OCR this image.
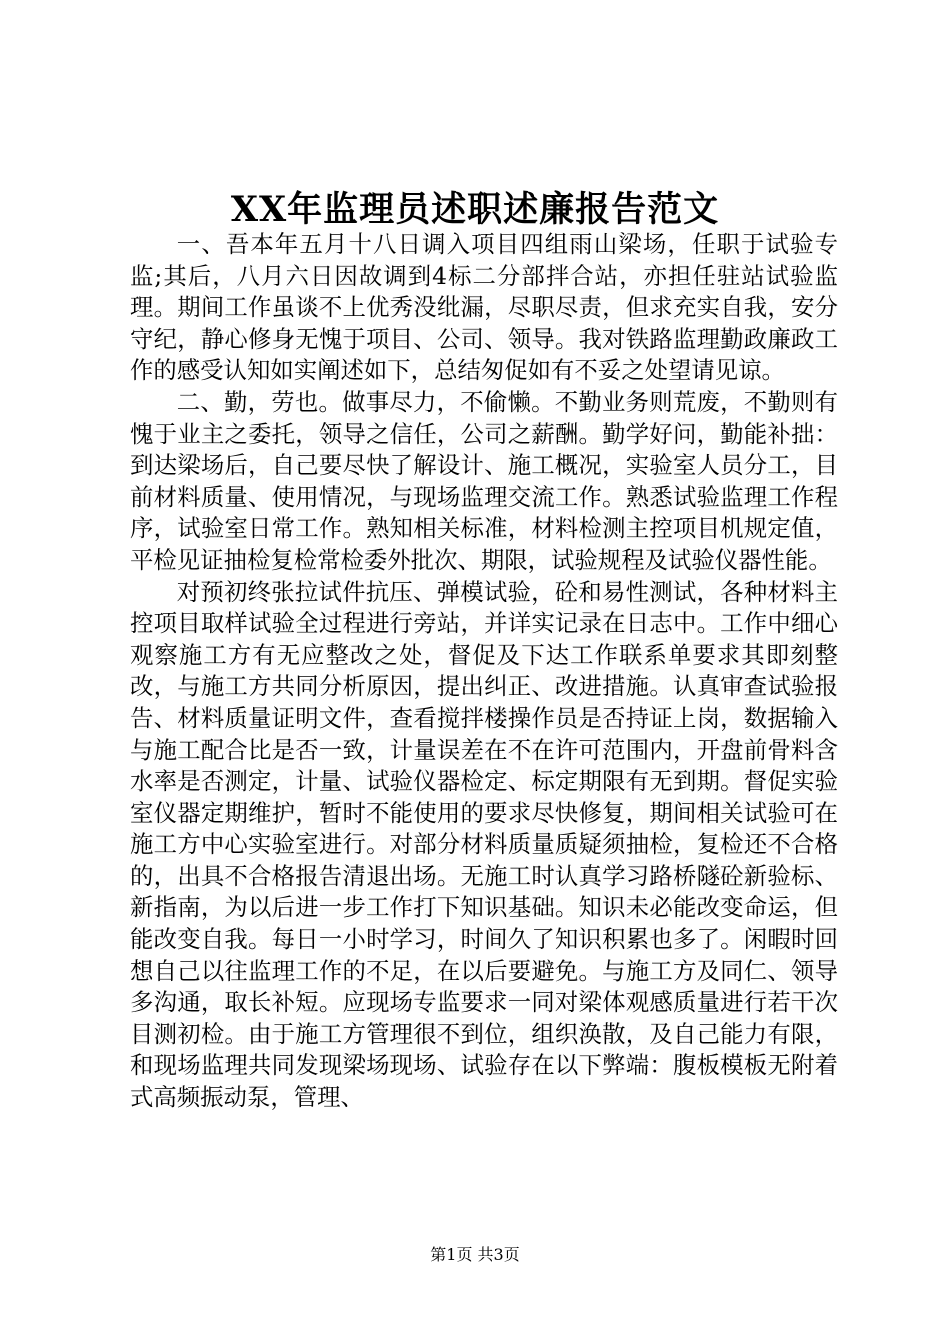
XX年监理员述职述廉报告范文

一、吾本年五月十八日调入项目四组雨山梁场，任职于试验专监;其后，八月六日因故调到4标二分部拌合站，亦担任驻站试验监理。期间工作虽谈不上优秀没纰漏，尽职尽责，但求充实自我，安分守纪，静心修身无愧于项目、公司、领导。我对铁路监理勤政廉政工作的感受认知如实阐述如下，总结匆促如有不妥之处望请见谅。

二、勤，劳也。做事尽力，不偷懒。不勤业务则荒废，不勤则有愧于业主之委托，领导之信任，公司之薪酬。勤学好问，勤能补拙：到达梁场后，自己要尽快了解设计、施工概况，实验室人员分工，目前材料质量、使用情况，与现场监理交流工作。熟悉试验监理工作程序，试验室日常工作。熟知相关标准，材料检测主控项目机规定值，平检见证抽检复检常检委外批次、期限，试验规程及试验仪器性能。

对预初终张拉试件抗压、弹模试验，砼和易性测试，各种材料主控项目取样试验全过程进行旁站，并详实记录在日志中。工作中细心观察施工方有无应整改之处，督促及下达工作联系单要求其即刻整改，与施工方共同分析原因，提出纠正、改进措施。认真审查试验报告、材料质量证明文件，查看搅拌楼操作员是否持证上岗，数据输入与施工配合比是否一致，计量误差在不在许可范围内，开盘前骨料含水率是否测定，计量、试验仪器检定、标定期限有无到期。督促实验室仪器定期维护，暂时不能使用的要求尽快修复，期间相关试验可在施工方中心实验室进行。对部分材料质量质疑须抽检，复检还不合格的，出具不合格报告清退出场。无施工时认真学习路桥隧砼新验标、新指南，为以后进一步工作打下知识基础。知识未必能改变命运，但能改变自我。每日一小时学习，时间久了知识积累也多了。闲暇时回想自己以往监理工作的不足，在以后要避免。与施工方及同仁、领导多沟通，取长补短。应现场专监要求一同对梁体观感质量进行若干次目测初检。由于施工方管理很不到位，组织涣散，及自己能力有限，和现场监理共同发现梁场现场、试验存在以下弊端：腹板模板无附着式高频振动泵，管理、

第1页 共3页
